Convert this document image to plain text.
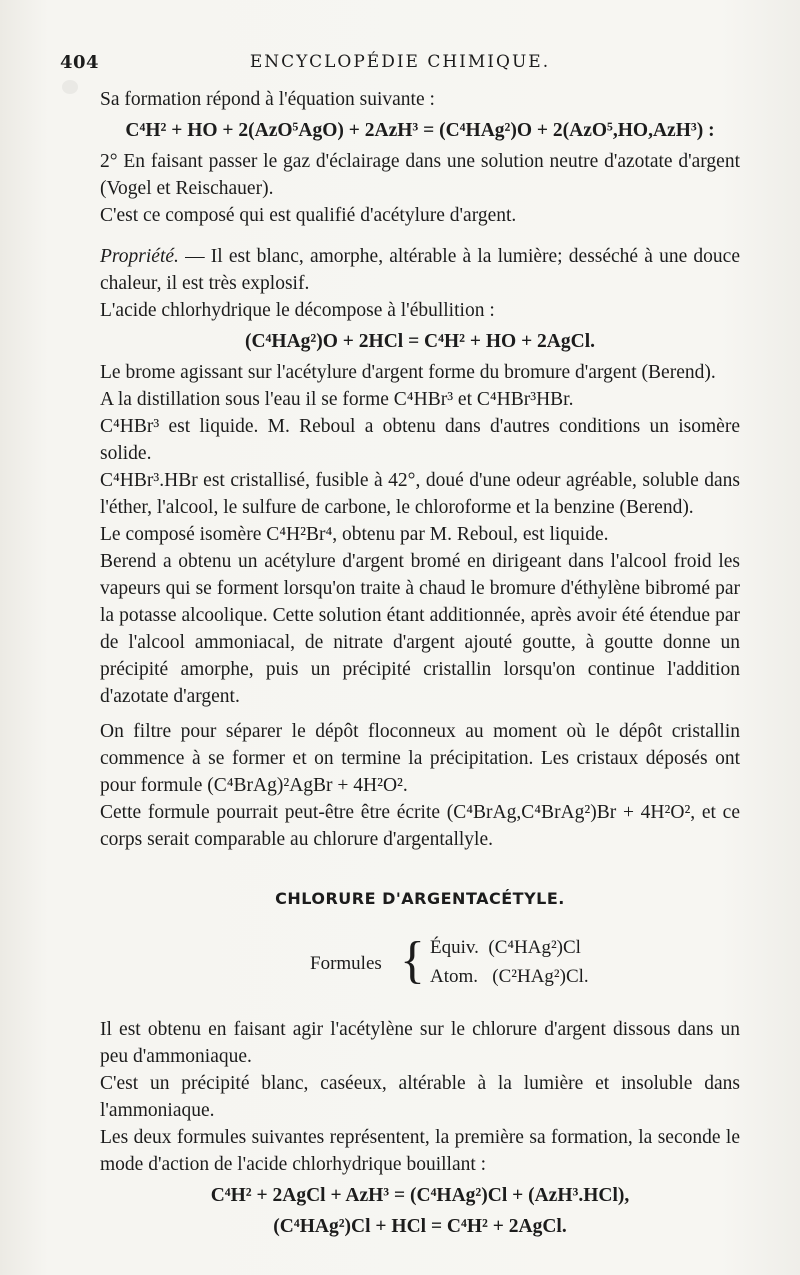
404	ENCYCLOPÉDIE CHIMIQUE.

Sa formation répond à l'équation suivante :

C⁴H² + HO + 2(AzO⁵AgO) + 2AzH³ = (C⁴HAg²)O + 2(AzO⁵,HO,AzH³) :

2° En faisant passer le gaz d'éclairage dans une solution neutre d'azotate d'argent (Vogel et Reischauer).

C'est ce composé qui est qualifié d'acétylure d'argent.

Propriété. — Il est blanc, amorphe, altérable à la lumière; desséché à une douce chaleur, il est très explosif.

L'acide chlorhydrique le décompose à l'ébullition :

(C⁴HAg²)O + 2HCl = C⁴H² + HO + 2AgCl.

Le brome agissant sur l'acétylure d'argent forme du bromure d'argent (Berend).

A la distillation sous l'eau il se forme C⁴HBr³ et C⁴HBr³HBr.

C⁴HBr³ est liquide. M. Reboul a obtenu dans d'autres conditions un isomère solide.

C⁴HBr³.HBr est cristallisé, fusible à 42°, doué d'une odeur agréable, soluble dans l'éther, l'alcool, le sulfure de carbone, le chloroforme et la benzine (Berend).

Le composé isomère C⁴H²Br⁴, obtenu par M. Reboul, est liquide.

Berend a obtenu un acétylure d'argent bromé en dirigeant dans l'alcool froid les vapeurs qui se forment lorsqu'on traite à chaud le bromure d'éthylène bibromé par la potasse alcoolique. Cette solution étant additionnée, après avoir été étendue par de l'alcool ammoniacal, de nitrate d'argent ajouté goutte, à goutte donne un précipité amorphe, puis un précipité cristallin lorsqu'on continue l'addition d'azotate d'argent.

On filtre pour séparer le dépôt floconneux au moment où le dépôt cristallin commence à se former et on termine la précipitation. Les cristaux déposés ont pour formule (C⁴BrAg)²AgBr + 4H²O².

Cette formule pourrait peut-être être écrite (C⁴BrAg,C⁴BrAg²)Br + 4H²O², et ce corps serait comparable au chlorure d'argentallyle.

CHLORURE D'ARGENTACÉTYLE.

Formules { Équiv.  (C⁴HAg²)Cl
Atom.   (C²HAg²)Cl.

Il est obtenu en faisant agir l'acétylène sur le chlorure d'argent dissous dans un peu d'ammoniaque.

C'est un précipité blanc, caséeux, altérable à la lumière et insoluble dans l'ammoniaque.

Les deux formules suivantes représentent, la première sa formation, la seconde le mode d'action de l'acide chlorhydrique bouillant :

C⁴H² + 2AgCl + AzH³ = (C⁴HAg²)Cl + (AzH³.HCl),

(C⁴HAg²)Cl + HCl = C⁴H² + 2AgCl.
